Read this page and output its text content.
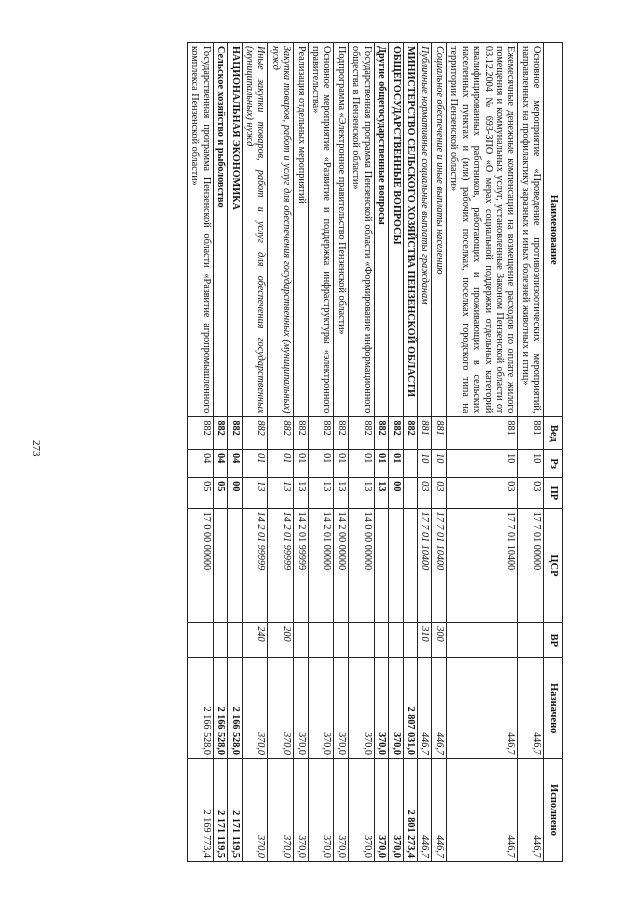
273
Наименование	Вед	Рз	ПР	ЦСР	ВР	Назначено	Исполнено
Основное мероприятие «Проведение противоэпизоотических мероприятий, направленных на профилактику заразных и иных болезней животных и птиц»	881	10	03	17 7 01 00000		446,7	446,7
Ежемесячные денежные компенсации на возмещение расходов по оплате жилого помещения и коммунальных услуг, установленные Законом Пензенской области от 03.12.2004 № 693-ЗПО «О мерах социальной поддержки отдельных категорий квалифицированных работников, работающих и проживающих в сельских населенных пунктах и (или) рабочих поселках, поселках городского типа на территории Пензенской области»	881	10	03	17 7 01 10400		446,7	446,7
Социальное обеспечение и иные выплаты населению	881	10	03	17 7 01 10400	300	446,7	446,7
Публичные нормативные социальные выплаты гражданам	881	10	03	17 7 01 10400	310	446,7	446,7
МИНИСТЕРСТВО СЕЛЬСКОГО ХОЗЯЙСТВА ПЕНЗЕНСКОЙ ОБЛАСТИ	882					2 807 031,0	2 801 273,4
ОБЩЕГОСУДАРСТВЕННЫЕ ВОПРОСЫ	882	01	00			370,0	370,0
Другие общегосударственные вопросы	882	01	13			370,0	370,0
Государственная программа Пензенской области «Формирование информационного общества в Пензенской области»	882	01	13	14 0 00 00000		370,0	370,0
Подпрограмма «Электронное правительство Пензенской области»	882	01	13	14 2 00 00000		370,0	370,0
Основное мероприятие «Развитие и поддержка инфраструктуры «электронного правительства»	882	01	13	14 2 01 00000		370,0	370,0
Реализация отдельных мероприятий	882	01	13	14 2 01 99999		370,0	370,0
Закупка товаров, работ и услуг для обеспечения государственных (муниципальных) нужд	882	01	13	14 2 01 99999	200	370,0	370,0
Иные закупки товаров, работ и услуг для обеспечения государственных (муниципальных) нужд	882	01	13	14 2 01 99999	240	370,0	370,0
НАЦИОНАЛЬНАЯ ЭКОНОМИКА	882	04	00			2 166 528,0	2 171 119,5
Сельское хозяйство и рыболовство	882	04	05			2 166 528,0	2 171 119,5
Государственная программа Пензенской области «Развитие агропромышленного комплекса Пензенской области»	882	04	05	17 0 00 00000		2 166 528,0	2 169 773,4
